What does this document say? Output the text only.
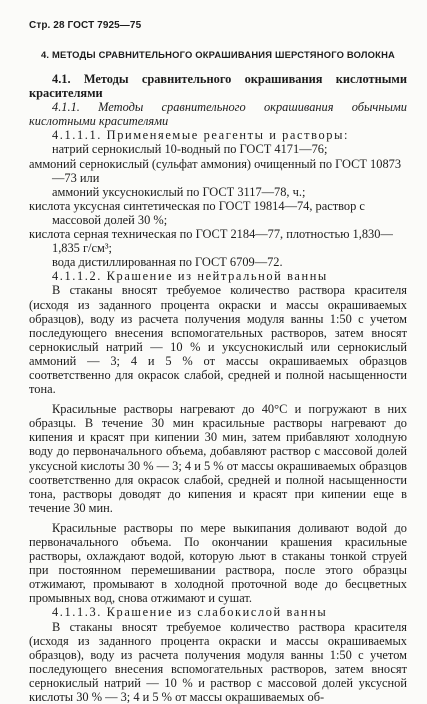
Стр. 28 ГОСТ 7925—75
4. МЕТОДЫ СРАВНИТЕЛЬНОГО ОКРАШИВАНИЯ ШЕРСТЯНОГО ВОЛОКНА

4.1. Методы сравнительного окрашивания кислотными красителями

4.1.1. Методы сравнительного окрашивания обычными кислотными красителями

4.1.1.1. Применяемые реагенты и растворы:

натрий сернокислый 10-водный по ГОСТ 4171—76;

аммоний сернокислый (сульфат аммония) очищенный по ГОСТ 10873—73 или

аммоний уксуснокислый по ГОСТ 3117—78, ч.;

кислота уксусная синтетическая по ГОСТ 19814—74, раствор с массовой долей 30 %;

кислота серная техническая по ГОСТ 2184—77, плотностью 1,830—1,835 г/см³;

вода дистиллированная по ГОСТ 6709—72.

4.1.1.2. Крашение из нейтральной ванны

В стаканы вносят требуемое количество раствора красителя (исходя из заданного процента окраски и массы окрашиваемых образцов), воду из расчета получения модуля ванны 1:50 с учетом последующего внесения вспомогательных растворов, затем вносят сернокислый натрий — 10 % и уксуснокислый или сернокислый аммоний — 3; 4 и 5 % от массы окрашиваемых образцов соответственно для окрасок слабой, средней и полной насыщенности тона.

Красильные растворы нагревают до 40°С и погружают в них образцы. В течение 30 мин красильные растворы нагревают до кипения и красят при кипении 30 мин, затем прибавляют холодную воду до первоначального объема, добавляют раствор с массовой долей уксусной кислоты 30 % — 3; 4 и 5 % от массы окрашиваемых образцов соответственно для окрасок слабой, средней и полной насыщенности тона, растворы доводят до кипения и красят при кипении еще в течение 30 мин.

Красильные растворы по мере выкипания доливают водой до первоначального объема. По окончании крашения красильные растворы, охлаждают водой, которую льют в стаканы тонкой струей при постоянном перемешивании раствора, после этого образцы отжимают, промывают в холодной проточной воде до бесцветных промывных вод, снова отжимают и сушат.

4.1.1.3. Крашение из слабокислой ванны

В стаканы вносят требуемое количество раствора красителя (исходя из заданного процента окраски и массы окрашиваемых образцов), воду из расчета получения модуля ванны 1:50 с учетом последующего внесения вспомогательных растворов, затем вносят сернокислый натрий — 10 % и раствор с массовой долей уксусной кислоты 30 % — 3; 4 и 5 % от массы окрашиваемых об-
